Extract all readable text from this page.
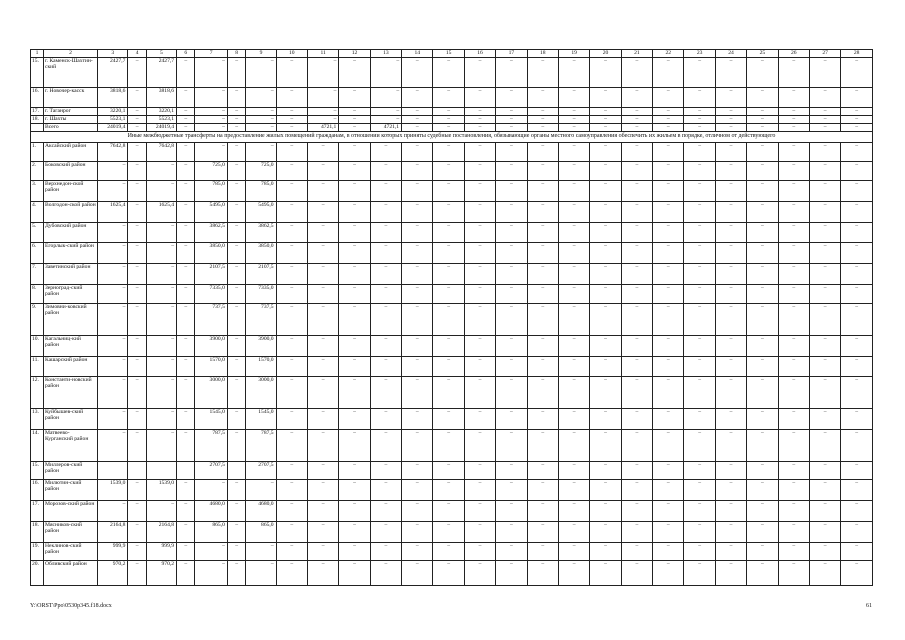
1	2	3	4	5	6	7	8	9	10	11	12	13	14	15	16	17	18	19	20	21	22	23	24	25	26	27	28
15.	г. Каменск-Шахтин-ский	2427,7	–	2427,7	–	–	–	–	–	–	–	–	–	–	–	–	–	–	–	–	–	–	–	–	–	–	–
16.	г. Новочер-касск	3818,6	–	3818,6	–	–	–	–	–	–	–	–	–	–	–	–	–	–	–	–	–	–	–	–	–	–	–
17.	г. Таганрог	3220,1	–	3220,1	–	–	–	–	–	–	–	–	–	–	–	–	–	–	–	–	–	–	–	–	–	–	–
18.	г. Шахты	5523,1	–	5523,1	–	–	–	–	–	–	–	–	–	–	–	–	–	–	–	–	–	–	–	–	–	–	–
	Всего	24019,4	–	24019,4	–	–	–	–	–	4721,1	–	4721,1	–	–	–	–	–	–	–	–	–	–	–	–	–	–	–
Иные межбюджетные трансферты на предоставление жилых помещений гражданам, в отношении которых приняты судебные постановления, обязывающие органы местного самоуправления обеспечить их жильем в порядке, отличном от действующего																											
1.	Аксайский район	7642,8	–	7642,8	–	–	–	–	–	–	–	–	–	–	–	–	–	–	–	–	–	–	–	–	–	–	–
2.	Боковский район	–	–	–	–	725,0	–	725,0	–	–	–	–	–	–	–	–	–	–	–	–	–	–	–	–	–	–	–
3.	Верхнедон-ской район	–	–	–	–	785,0	–	785,0	–	–	–	–	–	–	–	–	–	–	–	–	–	–	–	–	–	–	–
4.	Волгодон-ской район	1625,4	–	1625,4	–	5495,0	–	5495,0	–	–	–	–	–	–	–	–	–	–	–	–	–	–	–	–	–	–	–
5.	Дубовский район	–	–	–	–	3862,5	–	3862,5	–	–	–	–	–	–	–	–	–	–	–	–	–	–	–	–	–	–	–
6.	Егорлык-ский район	–	–	–	–	3850,0	–	3850,0	–	–	–	–	–	–	–	–	–	–	–	–	–	–	–	–	–	–	–
7.	Заветинский район	–	–	–	–	2107,5	–	2107,5	–	–	–	–	–	–	–	–	–	–	–	–	–	–	–	–	–	–	–
8.	Зерноград-ский район	–	–	–	–	7335,0	–	7335,0	–	–	–	–	–	–	–	–	–	–	–	–	–	–	–	–	–	–	–
9.	Зимовни-ковский район	–	–	–	–	737,5	–	737,5	–	–	–	–	–	–	–	–	–	–	–	–	–	–	–	–	–	–	–
10.	Кагальниц-кий район	–	–	–	–	3900,0	–	3900,0	–	–	–	–	–	–	–	–	–	–	–	–	–	–	–	–	–	–	–
11.	Кашарский район	–	–	–	–	1570,0	–	1570,0	–	–	–	–	–	–	–	–	–	–	–	–	–	–	–	–	–	–	–
12.	Константи-новский район	–	–	–	–	3000,0	–	3000,0	–	–	–	–	–	–	–	–	–	–	–	–	–	–	–	–	–	–	–
13.	Куйбышев-ский район	–	–	–	–	1545,0	–	1545,0	–	–	–	–	–	–	–	–	–	–	–	–	–	–	–	–	–	–	–
14.	Матвеево-Курганский район	–	–	–	–	787,5	–	787,5	–	–	–	–	–	–	–	–	–	–	–	–	–	–	–	–	–	–	–
15.	Миллеров-ский район					2707,5		2707,5	–	–	–	–	–	–	–	–	–	–	–	–	–	–	–	–	–	–	–
16.	Милютин-ский район	1539,0	–	1539,0	–	–	–	–	–	–	–	–	–	–	–	–	–	–	–	–	–	–	–	–	–	–	–
17.	Морозов-ский район	–	–	–	–	4680,0	–	4680,0	–	–	–	–	–	–	–	–	–	–	–	–	–	–	–	–	–	–	–
18.	Мясников-ский район	2164,8	–	2164,8	–	865,0	–	865,0	–	–	–	–	–	–	–	–	–	–	–	–	–	–	–	–	–	–	–
19.	Неклинов-ский район	999,9	–	999,9	–	–	–	–	–	–	–	–	–	–	–	–	–	–	–	–	–	–	–	–	–	–	–
20.	Обливский район	970,2	–	970,2	–	–	–	–	–	–	–	–	–	–	–	–	–	–	–	–	–	–	–	–	–	–	–
Y:\ORST\Ppo\0530p345.f18.docx	61
